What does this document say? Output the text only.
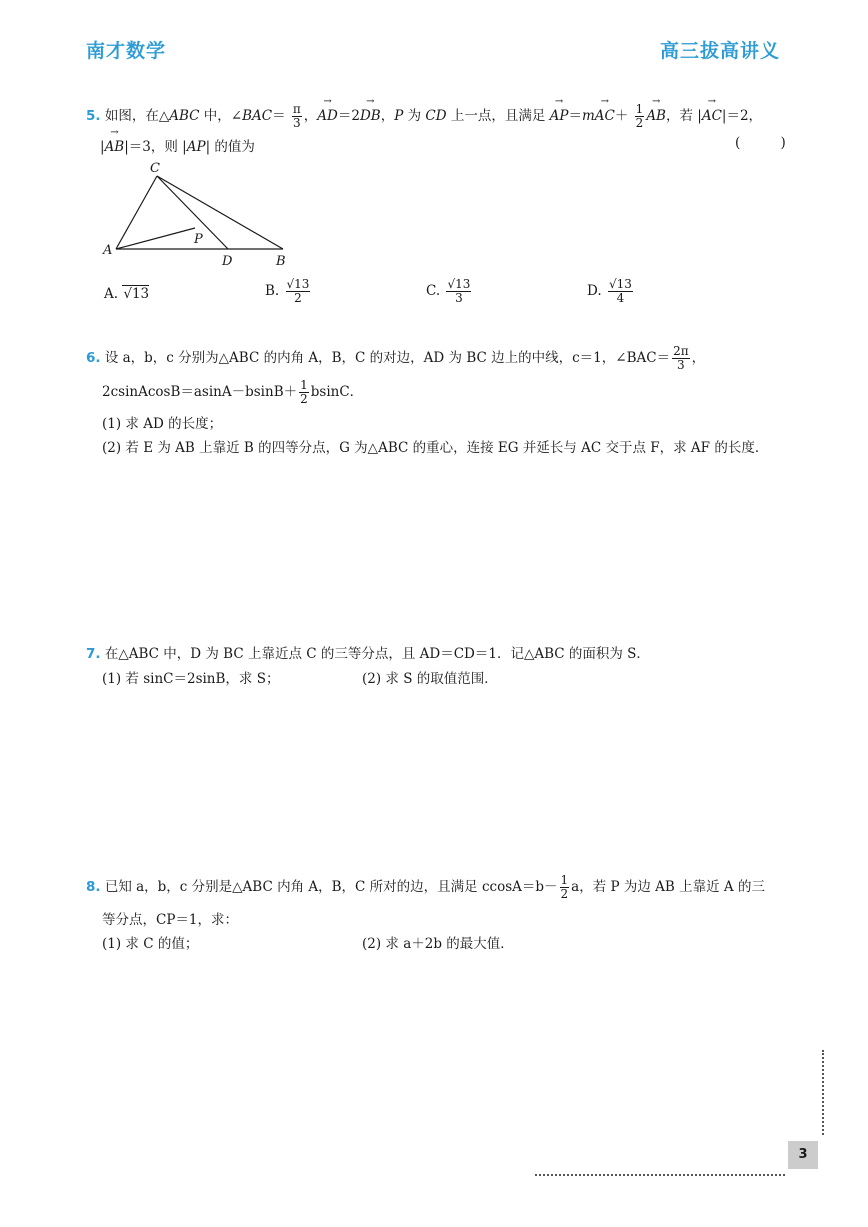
南才数学	高三拔高讲义
5. 如图，在△ABC 中，∠BAC＝ $\frac{\pi}{3}$ ，→ AD＝2→ DB，P 为 CD 上一点，且满足 → $AP=m\to AC+ \frac{1}{2}$
→ AB，若 |→ AC|＝2，
|→ AB|＝3，则 |AP| 的值为	( )
C
A
P
D	B
A. √13	B. $\frac{√13}{2}$	C. $\frac{√13}{3}$	D. $\frac{√13}{4}$
6. 设 a，b，c 分别为△ABC 的内角 A，B，C 的对边，AD 为 BC 边上的中线，c＝1，∠BAC＝ $\frac{2\pi}{3}$ ，
2csinAcosB＝asinA－bsinB＋ $\frac{1}{2}$ bsinC．
(1) 求 AD 的长度；
(2) 若 E 为 AB 上靠近 B 的四等分点，G 为△ABC 的重心，连接 EG 并延长与 AC 交于点 F，求 AF 的长度．
7. 在△ABC 中，D 为 BC 上靠近点 C 的三等分点，且 AD＝CD＝1．记△ABC 的面积为 S．
(1) 若 sinC＝2sinB，求 S；	(2) 求 S 的取值范围．
8. 已知 a，b，c 分别是△ABC 内角 A，B，C 所对的边，且满足 $ccosA=b- \frac{1}{2}$ a，若 P 为边 AB 上靠近 A 的三
等分点，CP＝1，求：
(1) 求 C 的值；	(2) 求 a＋2b 的最大值．
3
